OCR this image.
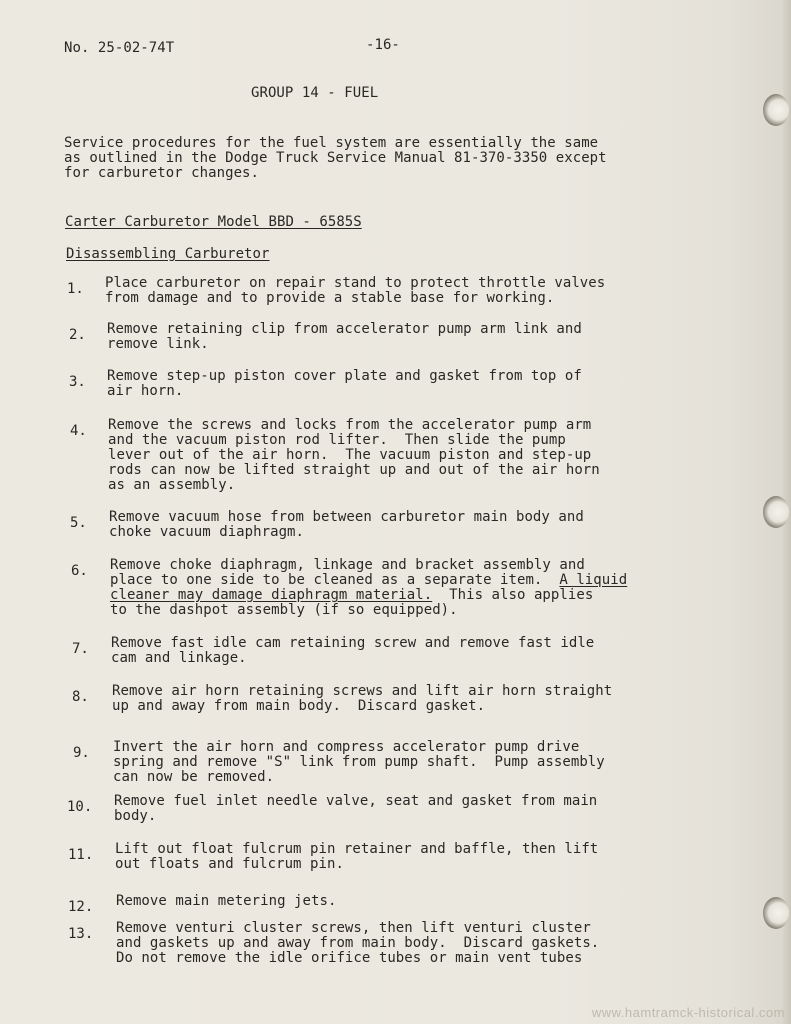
No. 25-02-74T	-16-
GROUP 14 - FUEL
Service procedures for the fuel system are essentially the same
as outlined in the Dodge Truck Service Manual 81-370-3350 except
for carburetor changes.
Carter Carburetor Model BBD - 6585S
Disassembling Carburetor
1. Place carburetor on repair stand to protect throttle valves
from damage and to provide a stable base for working.
2. Remove retaining clip from accelerator pump arm link and
remove link.
3. Remove step-up piston cover plate and gasket from top of
air horn.
4. Remove the screws and locks from the accelerator pump arm
and the vacuum piston rod lifter.  Then slide the pump
lever out of the air horn.  The vacuum piston and step-up
rods can now be lifted straight up and out of the air horn
as an assembly.
5. Remove vacuum hose from between carburetor main body and
choke vacuum diaphragm.
6. Remove choke diaphragm, linkage and bracket assembly and
place to one side to be cleaned as a separate item.  A liquid
cleaner may damage diaphragm material.  This also applies
to the dashpot assembly (if so equipped).
7. Remove fast idle cam retaining screw and remove fast idle
cam and linkage.
8. Remove air horn retaining screws and lift air horn straight
up and away from main body.  Discard gasket.
9. Invert the air horn and compress accelerator pump drive
spring and remove "S" link from pump shaft.  Pump assembly
can now be removed.
10. Remove fuel inlet needle valve, seat and gasket from main
body.
11. Lift out float fulcrum pin retainer and baffle, then lift
out floats and fulcrum pin.
12. Remove main metering jets.
13. Remove venturi cluster screws, then lift venturi cluster
and gaskets up and away from main body.  Discard gaskets.
Do not remove the idle orifice tubes or main vent tubes
www.hamtramck-historical.com
